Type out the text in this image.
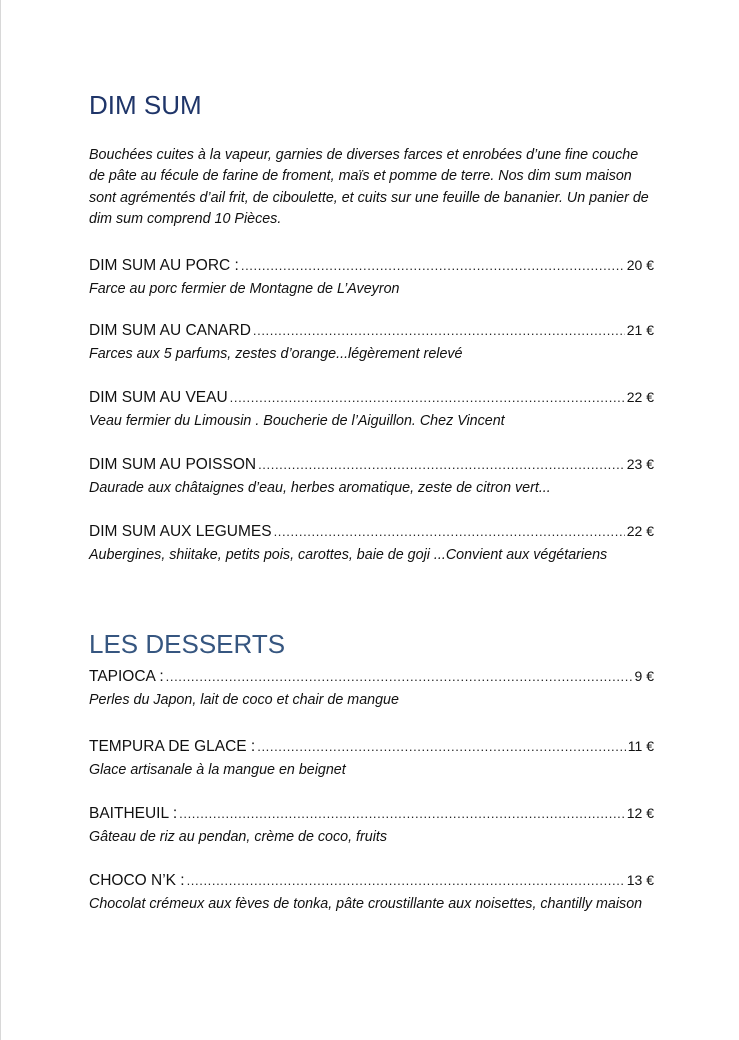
DIM SUM

Bouchées cuites à la vapeur, garnies de diverses farces et enrobées d’une fine couche de pâte au fécule de farine de froment, maïs et pomme de terre. Nos dim sum maison sont agrémentés d’ail frit, de ciboulette, et cuits sur une feuille de bananier. Un panier de dim sum comprend 10 Pièces.

DIM SUM AU PORC : .....	20 €
Farce au porc fermier de Montagne de L’Aveyron
DIM SUM AU CANARD .....	21 €
Farces aux 5 parfums, zestes d’orange...légèrement relevé
DIM SUM AU VEAU .....	22 €
Veau fermier du Limousin . Boucherie de l’Aiguillon. Chez Vincent
DIM SUM AU POISSON .....	23 €
Daurade aux châtaignes d’eau, herbes aromatique, zeste de citron vert...
DIM SUM AUX LEGUMES .....	22 €
Aubergines, shiitake, petits pois, carottes, baie de goji ...Convient aux végétariens
LES DESSERTS
TAPIOCA : .....	9 €
Perles du Japon, lait de coco et chair de mangue
TEMPURA DE GLACE : .....	11 €
Glace artisanale à la mangue en beignet
BAITHEUIL : .....	12 €
Gâteau de riz au pendan, crème de coco, fruits
CHOCO N’K : .....	13 €
Chocolat crémeux aux fèves de tonka, pâte croustillante aux noisettes, chantilly maison
